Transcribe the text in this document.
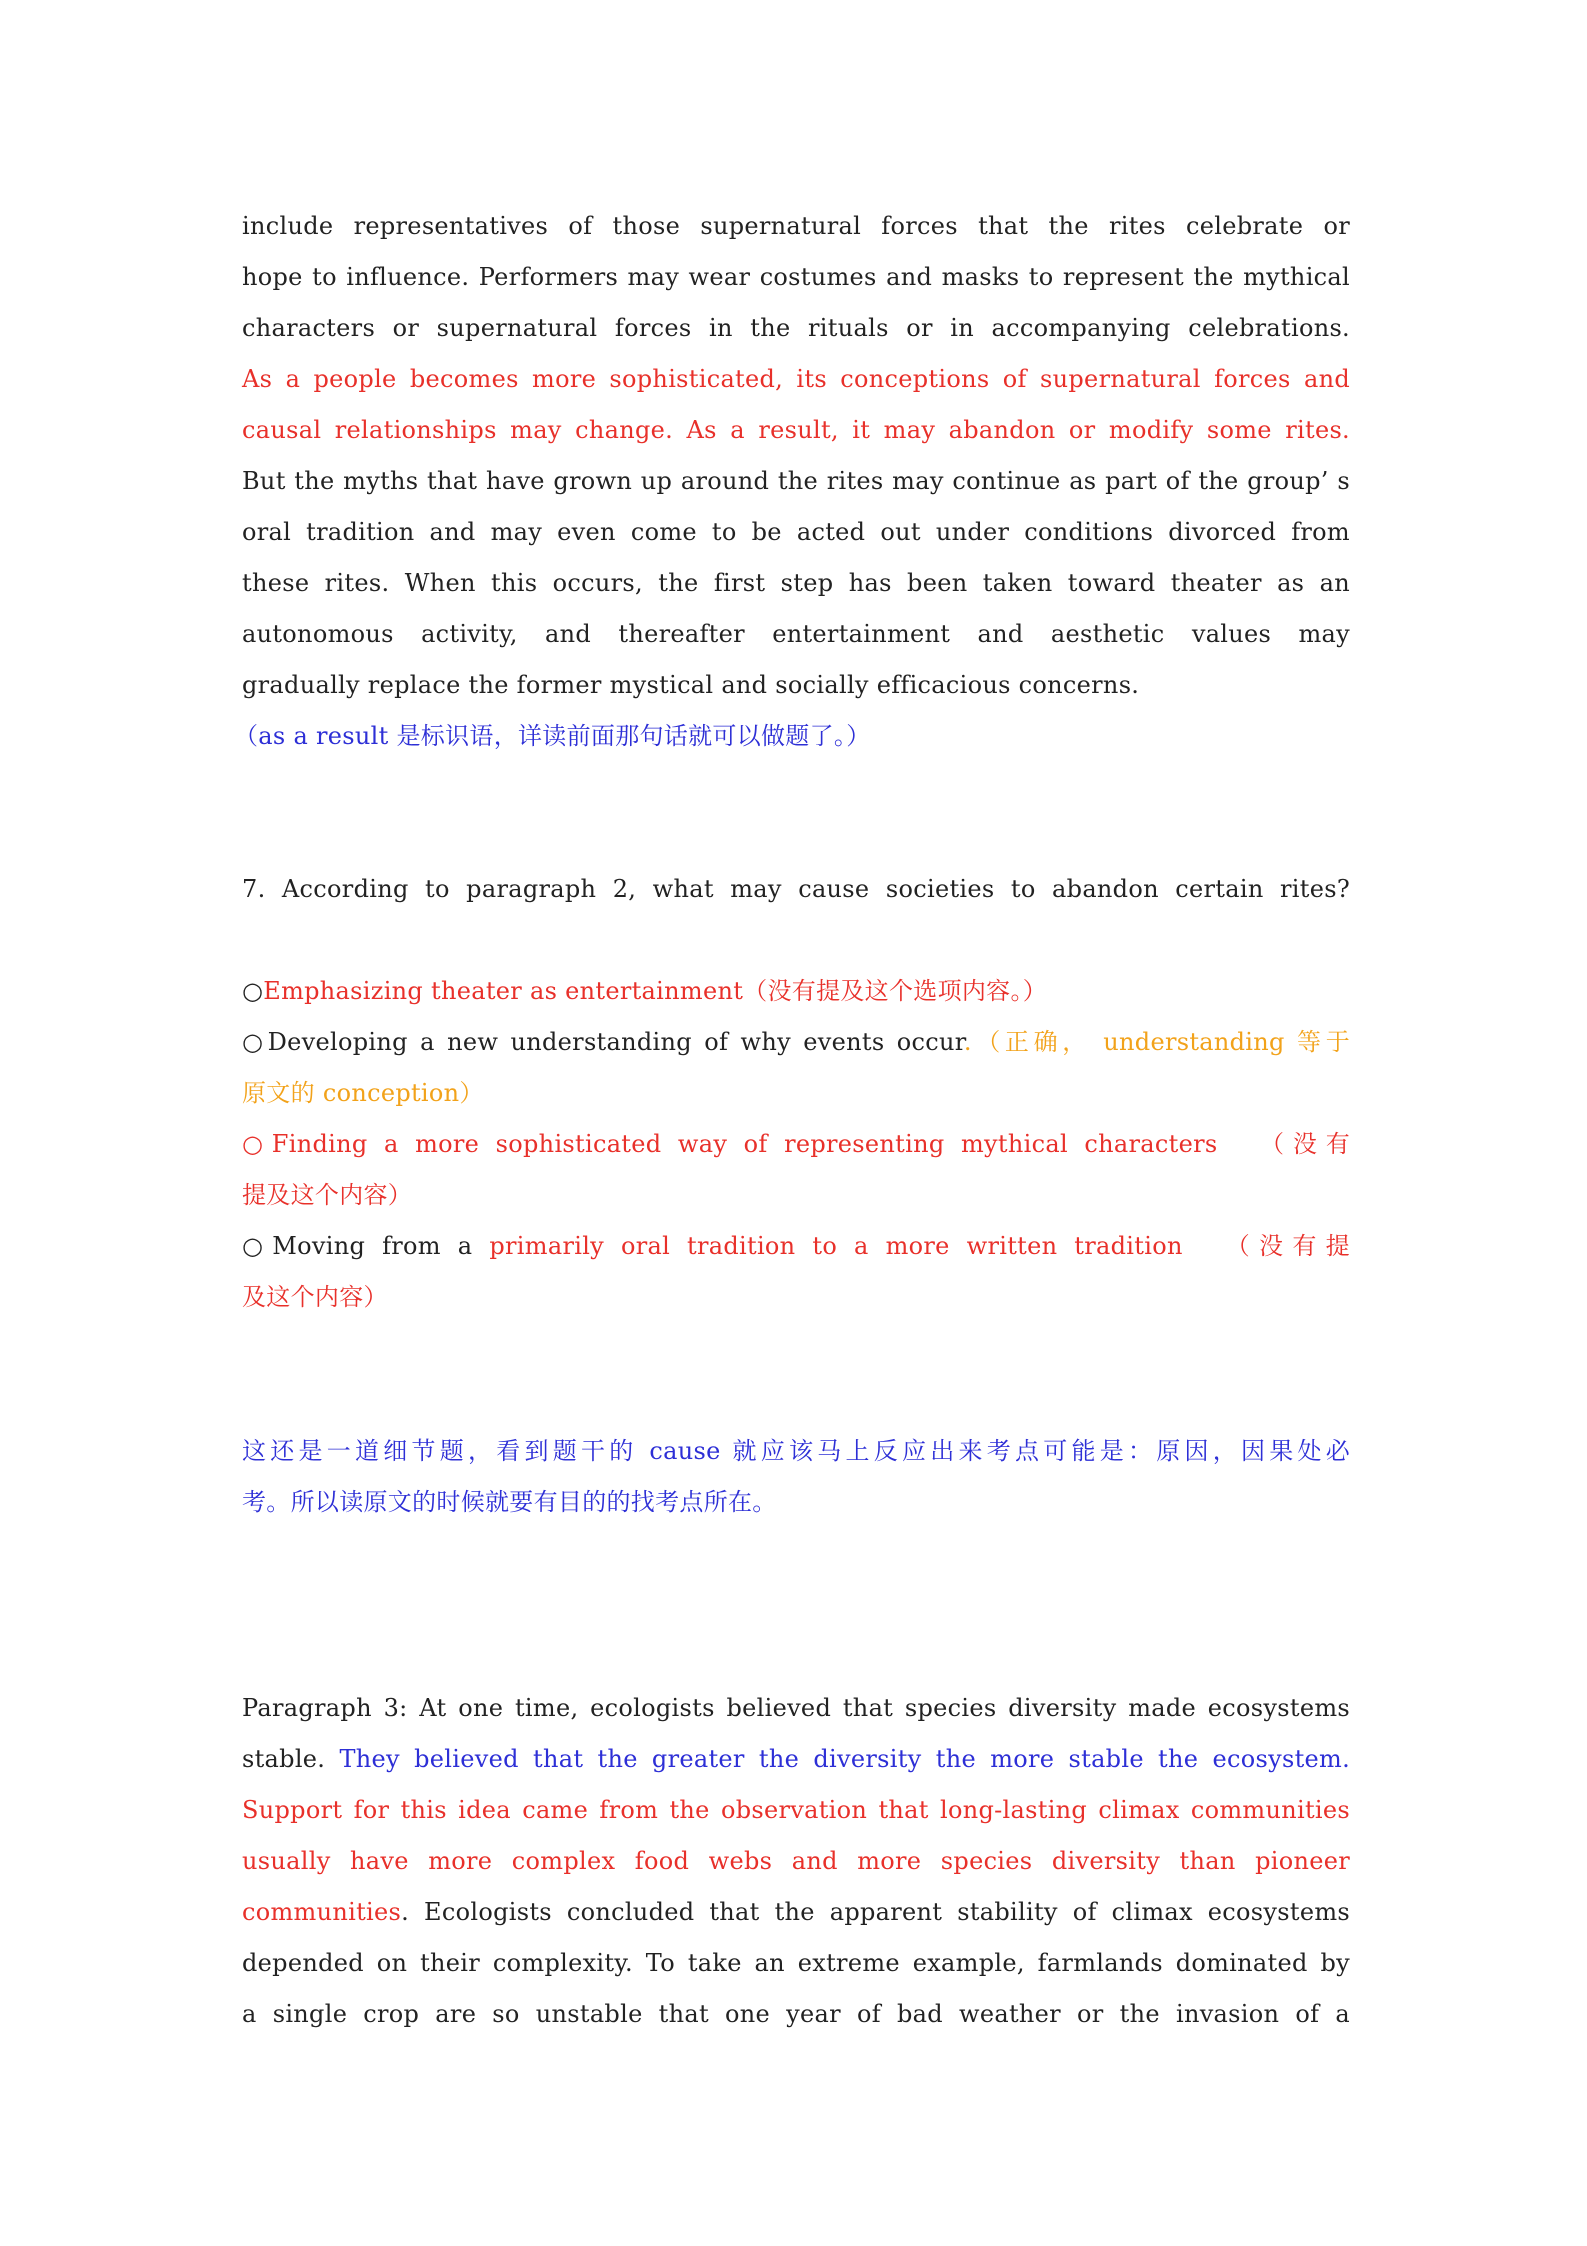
include representatives of those supernatural forces that the rites celebrate or
hope to influence. Performers may wear costumes and masks to represent the mythical
characters or supernatural forces in the rituals or in accompanying celebrations.
As a people becomes more sophisticated, its conceptions of supernatural forces and
causal relationships may change. As a result, it may abandon or modify some rites.
But the myths that have grown up around the rites may continue as part of the group’ s
oral tradition and may even come to be acted out under conditions divorced from
these rites. When this occurs, the first step has been taken toward theater as an
autonomous activity, and thereafter entertainment and aesthetic values may
gradually replace the former mystical and socially efficacious concerns.
（as a result 是标识语，详读前面那句话就可以做题了。）
7. According to paragraph 2, what may cause societies to abandon certain rites?
○Emphasizing theater as entertainment（没有提及这个选项内容。）
○Developing a new understanding of why events occur.（正确， understanding 等于
原文的 conception）
○Finding a more sophisticated way of representing mythical characters （没有
提及这个内容）
○Moving from a primarily oral tradition to a more written tradition （没有提
及这个内容）
这还是一道细节题，看到题干的 cause 就应该马上反应出来考点可能是：原因，因果处必
考。所以读原文的时候就要有目的的找考点所在。
Paragraph 3: At one time, ecologists believed that species diversity made ecosystems
stable. They believed that the greater the diversity the more stable the ecosystem.
Support for this idea came from the observation that long-lasting climax communities
usually have more complex food webs and more species diversity than pioneer
communities. Ecologists concluded that the apparent stability of climax ecosystems
depended on their complexity. To take an extreme example, farmlands dominated by
a single crop are so unstable that one year of bad weather or the invasion of a
